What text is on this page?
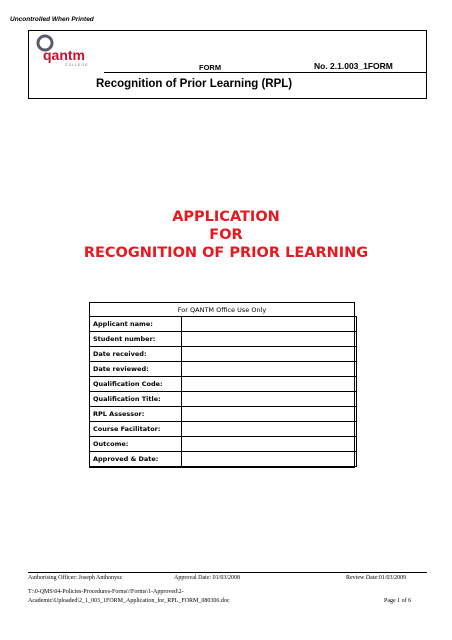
Uncontrolled When Printed
qantm
C O L L E G E	FORM	No. 2.1.003_1FORM
Recognition of Prior Learning (RPL)
APPLICATION
FOR
RECOGNITION OF PRIOR LEARNING
For QANTM Office Use Only
Applicant name:	
Student number:	
Date received:	
Date reviewed:	
Qualification Code:	
Qualification Title:	
RPL Assessor:	
Course Facilitator:	
Outcome:	
Approved & Date:	
Authorising Officer: Joseph Anthonysz	Approval Date: 01/03/2008	Review Date:01/03/2009
T:\0-QMS\04-Policies-Procedures-Forms\!Forms\1-Approved\2-
Academic\Uploaded\2_1_003_1FORM_Application_for_RPL_FORM_080306.doc	Page 1 of 6
